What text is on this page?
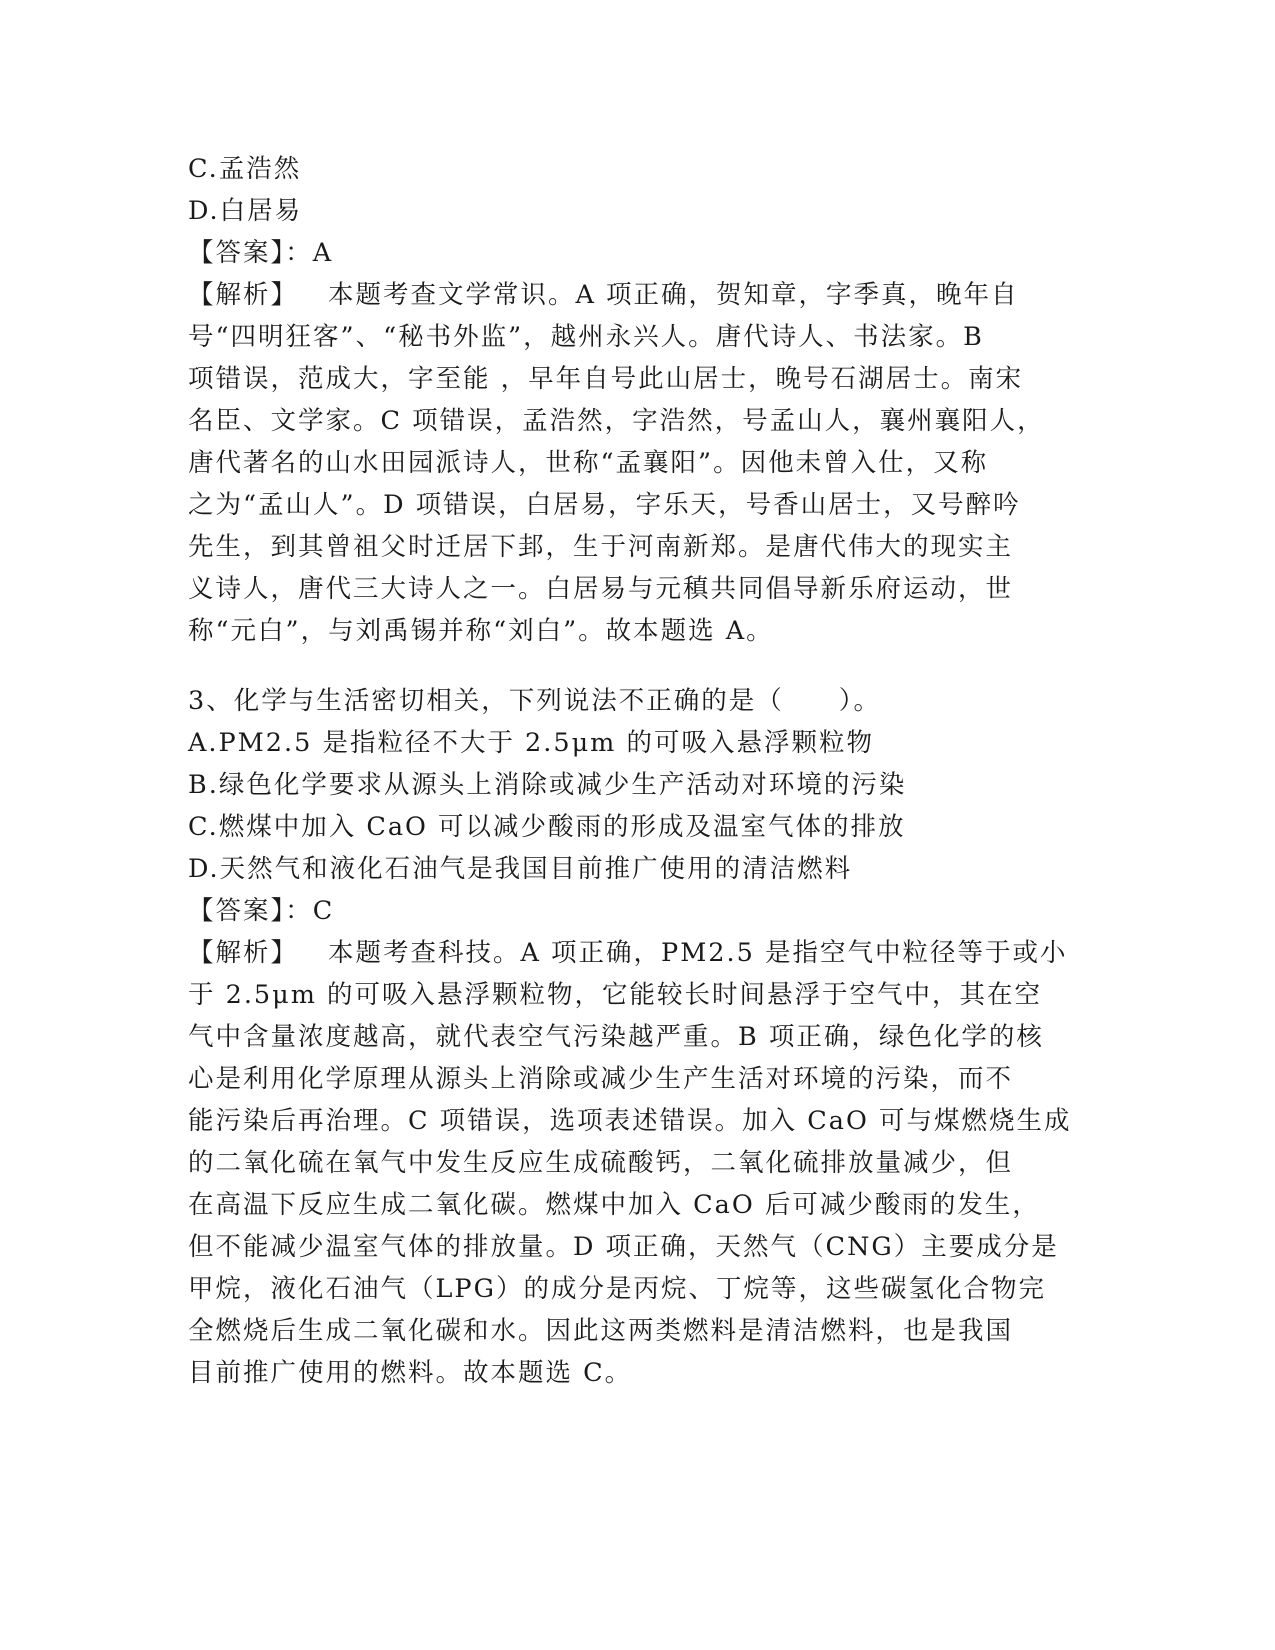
C.孟浩然
D.白居易
【答案】：A
【解析】 本题考查文学常识。A 项正确，贺知章，字季真，晚年自
号“四明狂客”、“秘书外监”，越州永兴人。唐代诗人、书法家。B
项错误，范成大，字至能 ，早年自号此山居士，晚号石湖居士。南宋
名臣、文学家。C 项错误，孟浩然，字浩然，号孟山人，襄州襄阳人，
唐代著名的山水田园派诗人，世称“孟襄阳”。因他未曾入仕，又称
之为“孟山人”。D 项错误，白居易，字乐天，号香山居士，又号醉吟
先生，到其曾祖父时迁居下邽，生于河南新郑。是唐代伟大的现实主
义诗人，唐代三大诗人之一。白居易与元稹共同倡导新乐府运动，世
称“元白”，与刘禹锡并称“刘白”。故本题选 A。
3、化学与生活密切相关，下列说法不正确的是（　　）。
A.PM2.5 是指粒径不大于 2.5μm 的可吸入悬浮颗粒物
B.绿色化学要求从源头上消除或减少生产活动对环境的污染
C.燃煤中加入 CaO 可以减少酸雨的形成及温室气体的排放
D.天然气和液化石油气是我国目前推广使用的清洁燃料
【答案】：C
【解析】 本题考查科技。A 项正确，PM2.5 是指空气中粒径等于或小
于 2.5μm 的可吸入悬浮颗粒物，它能较长时间悬浮于空气中，其在空
气中含量浓度越高，就代表空气污染越严重。B 项正确，绿色化学的核
心是利用化学原理从源头上消除或减少生产生活对环境的污染，而不
能污染后再治理。C 项错误，选项表述错误。加入 CaO 可与煤燃烧生成
的二氧化硫在氧气中发生反应生成硫酸钙，二氧化硫排放量减少，但
在高温下反应生成二氧化碳。燃煤中加入 CaO 后可减少酸雨的发生，
但不能减少温室气体的排放量。D 项正确，天然气（CNG）主要成分是
甲烷，液化石油气（LPG）的成分是丙烷、丁烷等，这些碳氢化合物完
全燃烧后生成二氧化碳和水。因此这两类燃料是清洁燃料，也是我国
目前推广使用的燃料。故本题选 C。
